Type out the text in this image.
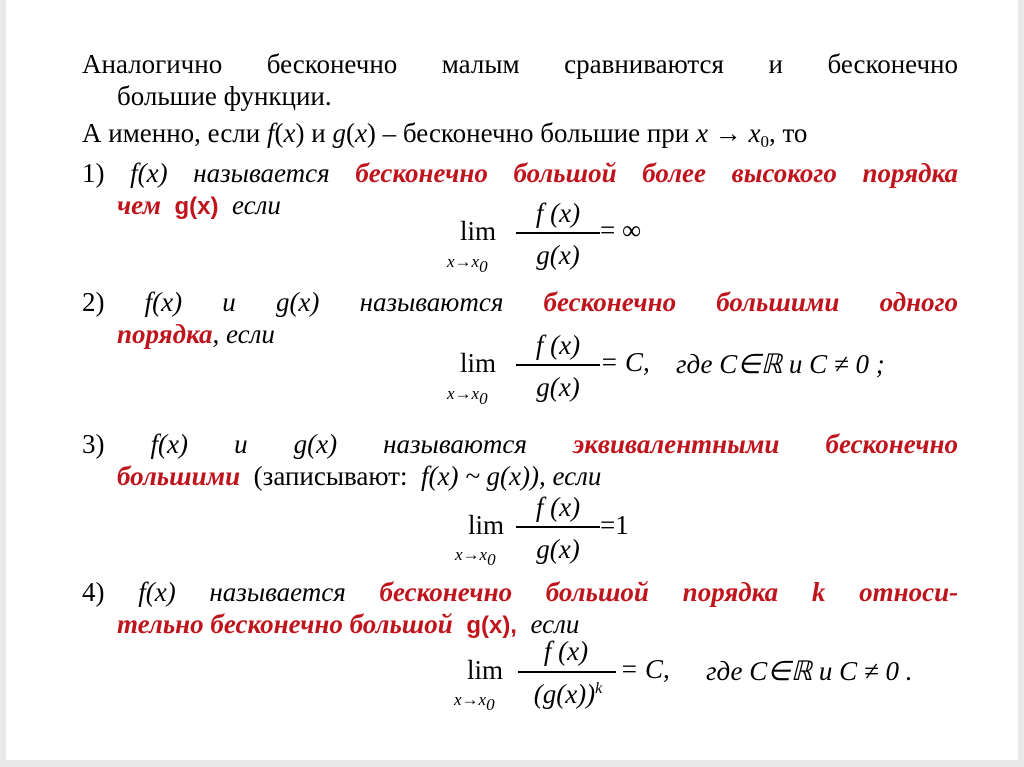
Аналогично бесконечно малым сравниваются и бесконечно
большие функции.
А именно, если f(x) и g(x) – бесконечно большие при $x \to x_0$, то
1) f(x) называется бесконечно большой более высокого порядка
чем g(x) если
lim
$x\to x_0$
f (x)
g(x)
= ∞
2) f(x) и g(x) называются бесконечно большими одного
порядка, если
lim
$x\to x_0$
f (x)
g(x)
= C, где C∈ℝ и C ≠ 0 ;
3) f(x) и g(x) называются эквивалентными бесконечно
большими (записывают: f(x) ~ g(x)), если
lim
$x\to x_0$
f (x)
g(x)
=1
4) f(x) называется бесконечно большой порядка k относи-
тельно бесконечно большой g(x), если
lim
$x\to x_0$
f (x)
$(g(x))^k$
= C, где C∈ℝ и C ≠ 0 .
